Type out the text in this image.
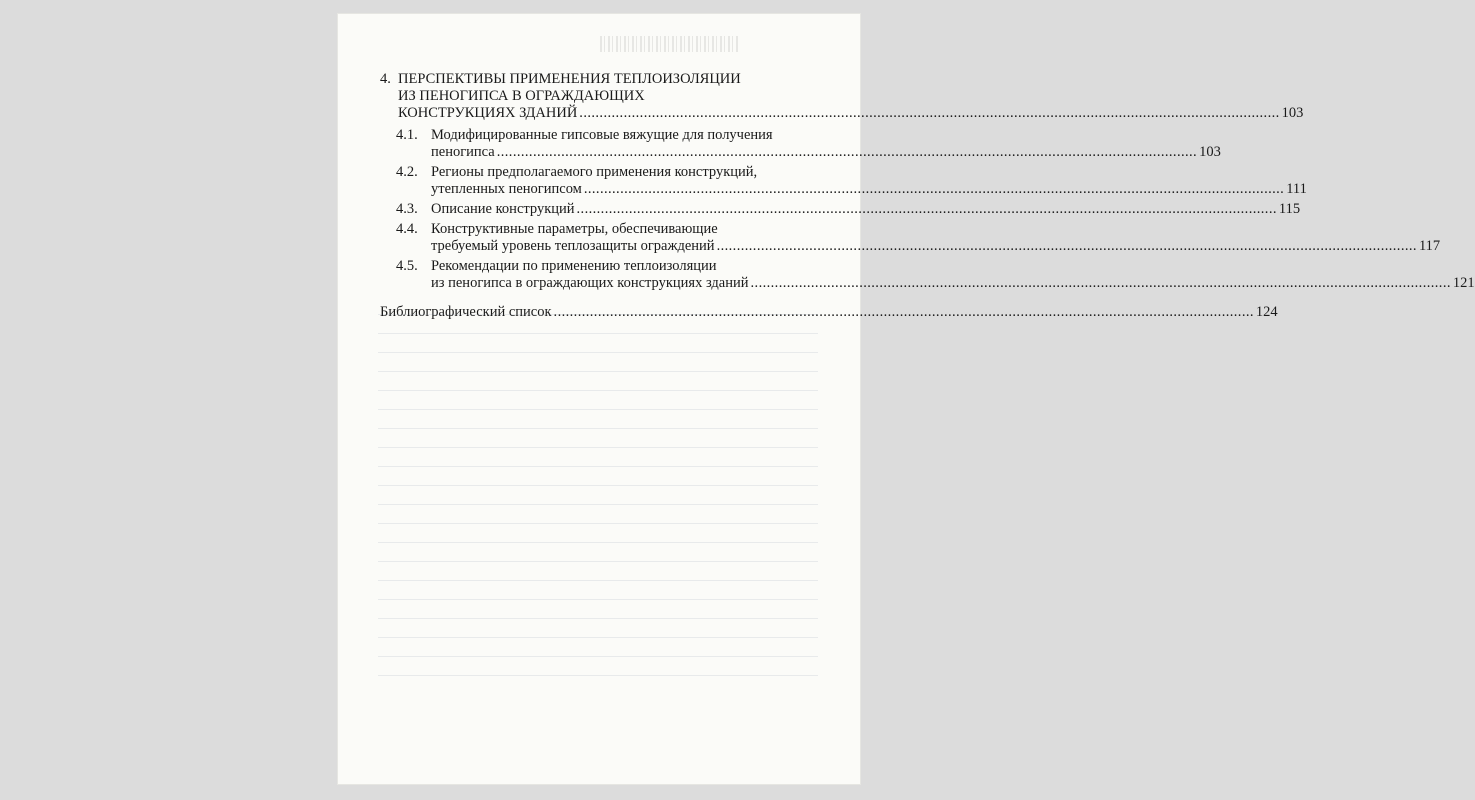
4. ПЕРСПЕКТИВЫ ПРИМЕНЕНИЯ ТЕПЛОИЗОЛЯЦИИ
ИЗ ПЕНОГИПСА В ОГРАЖДАЮЩИХ
КОНСТРУКЦИЯХ ЗДАНИЙ .....	103
4.1. Модифицированные гипсовые вяжущие для получения
пеногипса .....	103
4.2. Регионы предполагаемого применения конструкций,
утепленных пеногипсом .....	111
4.3. Описание конструкций .....	115
4.4. Конструктивные параметры, обеспечивающие
требуемый уровень теплозащиты ограждений .....	117
4.5. Рекомендации по применению теплоизоляции
из пеногипса в ограждающих конструкциях зданий .....	121
Библиографический список .....	124
